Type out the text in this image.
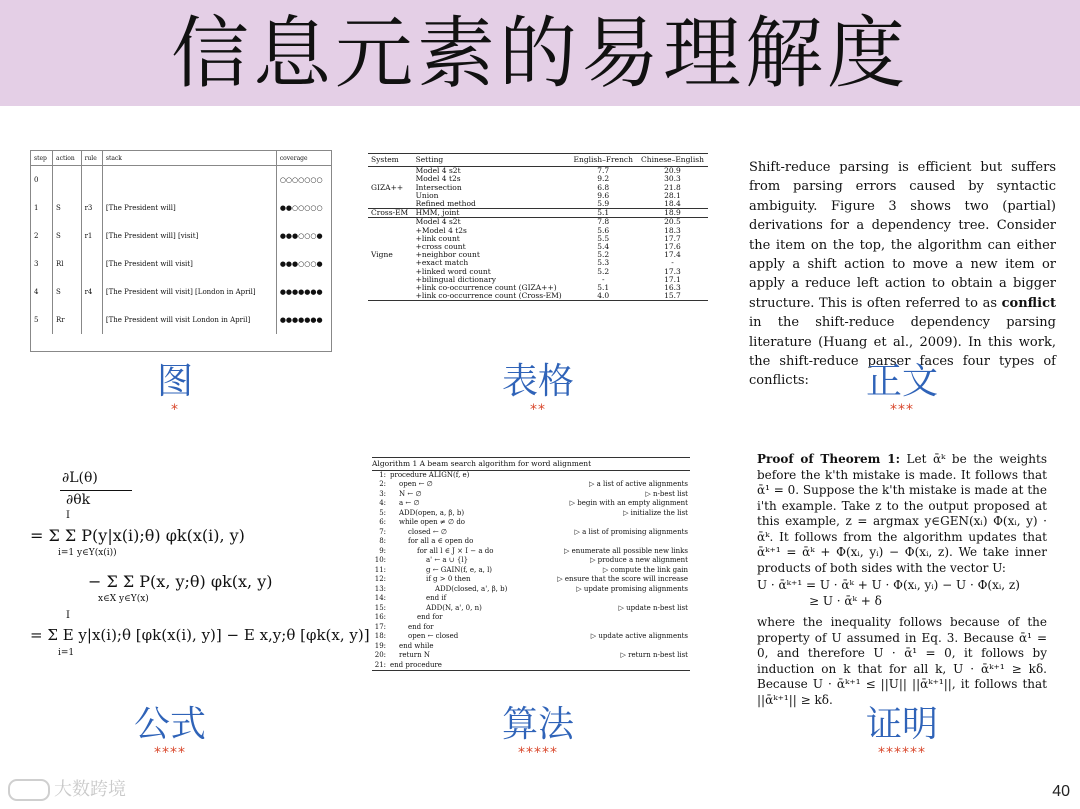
信息元素的易理解度
step	action	rule	stack	coverage
0				○○○○○○○
1	S	r3	[The President will]	●●○○○○○
2	S	r1	[The President will] [visit]	●●●○○○●
3	Rl		[The President will visit]	●●●○○○●
4	S	r4	[The President will visit] [London in April]	●●●●●●●
5	Rr		[The President will visit London in April]	●●●●●●●
图
*
System	Setting	English–French	Chinese–English
	Model 4 s2t	7.7	20.9
	Model 4 t2s	9.2	30.3
GIZA++	Intersection	6.8	21.8
	Union	9.6	28.1
	Refined method	5.9	18.4
Cross-EM	HMM, joint	5.1	18.9
	Model 4 s2t	7.8	20.5
	+Model 4 t2s	5.6	18.3
	+link count	5.5	17.7
	+cross count	5.4	17.6
Vigne	+neighbor count	5.2	17.4
	+exact match	5.3	-
	+linked word count	5.2	17.3
	+bilingual dictionary	-	17.1
	+link co-occurrence count (GIZA++)	5.1	16.3
	+link co-occurrence count (Cross-EM)	4.0	15.7
表格
**
Shift-reduce parsing is efficient but suffers from parsing errors caused by syntactic ambiguity. Figure 3 shows two (partial) derivations for a dependency tree. Consider the item on the top, the algorithm can either apply a shift action to move a new item or apply a reduce left action to obtain a bigger structure. This is often referred to as conflict in the shift-reduce dependency parsing literature (Huang et al., 2009). In this work, the shift-reduce parser faces four types of conflicts:	正文
***
∂L(θ)
∂θk
I
= Σ Σ P(y|x(i);θ) φk(x(i), y)
i=1 y∈Y(x(i))
− Σ Σ P(x, y;θ) φk(x, y)
x∈X y∈Y(x)
I
= Σ E y|x(i);θ [φk(x(i), y)] − E x,y;θ [φk(x, y)]
i=1
公式
****
Algorithm 1 A beam search algorithm for word alignment
1: procedure ALIGN(f, e)
2: open ← ∅	▷ a list of active alignments
3: N ← ∅	▷ n-best list
4: a ← ∅	▷ begin with an empty alignment
5: ADD(open, a, β, b)	▷ initialize the list
6: while open ≠ ∅ do
7:	closed ← ∅	▷ a list of promising alignments
8:	for all a ∈ open do
9:	for all l ∈ J × I − a do	▷ enumerate all possible new links
10:	a' ← a ∪ {l}	▷ produce a new alignment
11:	g ← GAIN(f, e, a, l)	▷ compute the link gain
12:	if g > 0 then	▷ ensure that the score will increase
13:	ADD(closed, a', β, b)	▷ update promising alignments
14:	end if
15:	ADD(N, a', 0, n)	▷ update n-best list
16:	end for
17:	end for
18:	open ← closed	▷ update active alignments
19: end while
20: return N	▷ return n-best list
21: end procedure
算法
*****
Proof of Theorem 1: Let ᾱᵏ be the weights before the k'th mistake is made. It follows that ᾱ¹ = 0. Suppose the k'th mistake is made at the i'th example. Take z to the output proposed at this example, z = argmax y∈GEN(xᵢ) Φ(xᵢ, y) · ᾱᵏ. It follows from the algorithm updates that ᾱᵏ⁺¹ = ᾱᵏ + Φ(xᵢ, yᵢ) − Φ(xᵢ, z). We take inner products of both sides with the vector U:
U · ᾱᵏ⁺¹ = U · ᾱᵏ + U · Φ(xᵢ, yᵢ) − U · Φ(xᵢ, z)
≥ U · ᾱᵏ + δ
where the inequality follows because of the property of U assumed in Eq. 3. Because ᾱ¹ = 0, and therefore U · ᾱ¹ = 0, it follows by induction on k that for all k, U · ᾱᵏ⁺¹ ≥ kδ. Because U · ᾱᵏ⁺¹ ≤ ||U|| ||ᾱᵏ⁺¹||, it follows that ||ᾱᵏ⁺¹|| ≥ kδ.
证明
******
大数跨境	40
